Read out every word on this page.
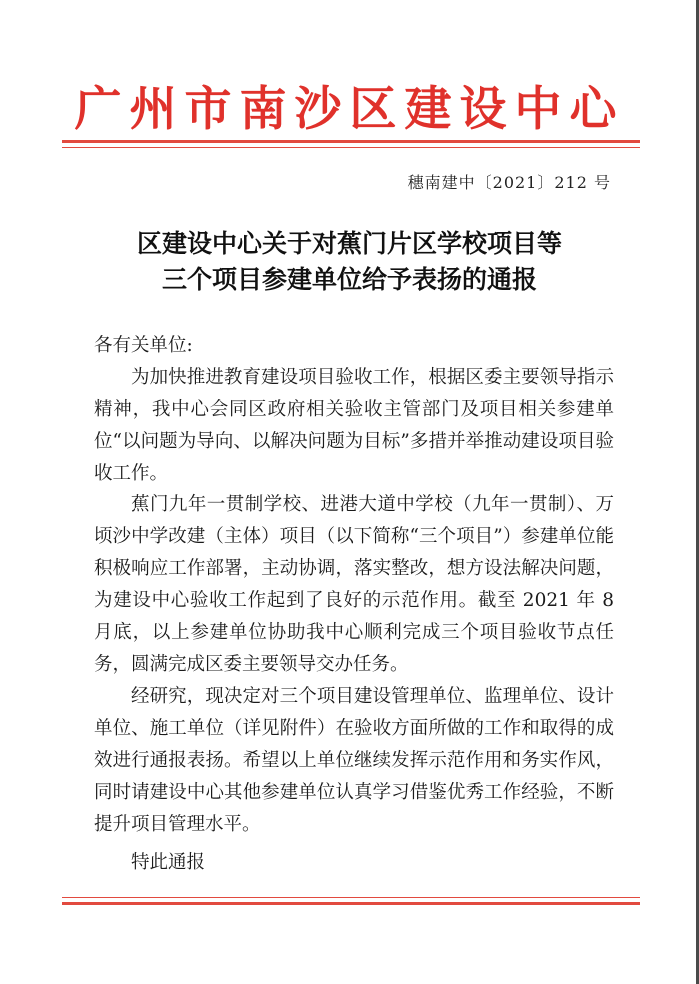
广州市南沙区建设中心
穗南建中〔2021〕212 号
区建设中心关于对蕉门片区学校项目等
三个项目参建单位给予表扬的通报
各有关单位:

为加快推进教育建设项目验收工作，根据区委主要领导指示精神，我中心会同区政府相关验收主管部门及项目相关参建单位“以问题为导向、以解决问题为目标”多措并举推动建设项目验收工作。

蕉门九年一贯制学校、进港大道中学校（九年一贯制）、万顷沙中学改建（主体）项目（以下简称“三个项目”）参建单位能积极响应工作部署，主动协调，落实整改，想方设法解决问题，为建设中心验收工作起到了良好的示范作用。截至 2021 年 8 月底，以上参建单位协助我中心顺利完成三个项目验收节点任务，圆满完成区委主要领导交办任务。

经研究，现决定对三个项目建设管理单位、监理单位、设计单位、施工单位（详见附件）在验收方面所做的工作和取得的成效进行通报表扬。希望以上单位继续发挥示范作用和务实作风，同时请建设中心其他参建单位认真学习借鉴优秀工作经验，不断提升项目管理水平。

特此通报
